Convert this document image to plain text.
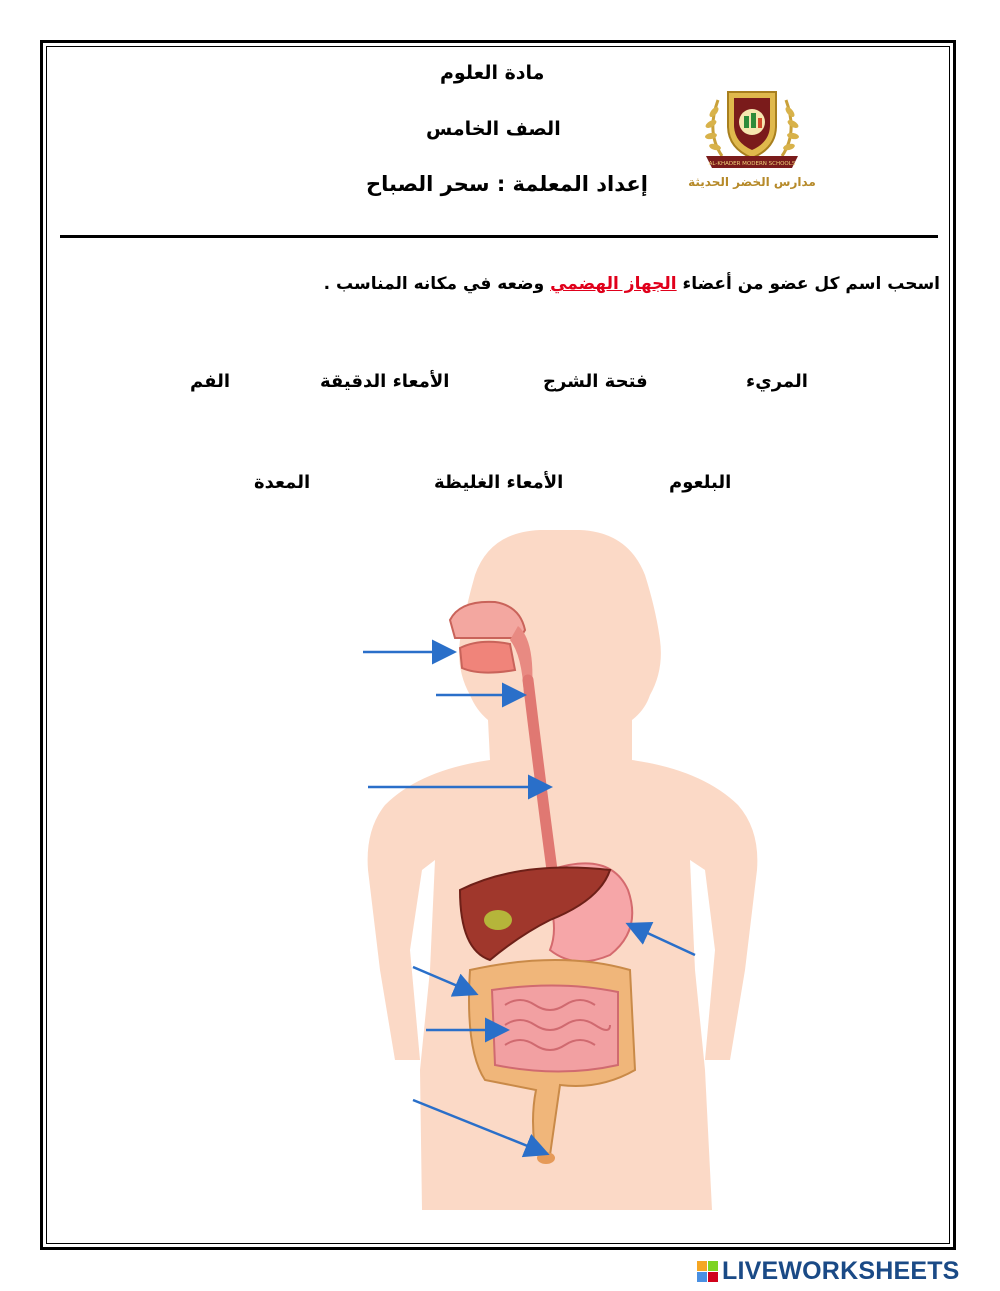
مادة العلوم
الصف الخامس
إعداد المعلمة : سحر الصباح
AL-KHADER MODERN SCHOOLS
مدارس الخضر الحديثة
اسحب اسم كل عضو من أعضاء الجهاز الهضمي وضعه في مكانه المناسب .
المريء
فتحة الشرج
الأمعاء الدقيقة
الفم
البلعوم
الأمعاء الغليظة
المعدة
LIVEWORKSHEETS
